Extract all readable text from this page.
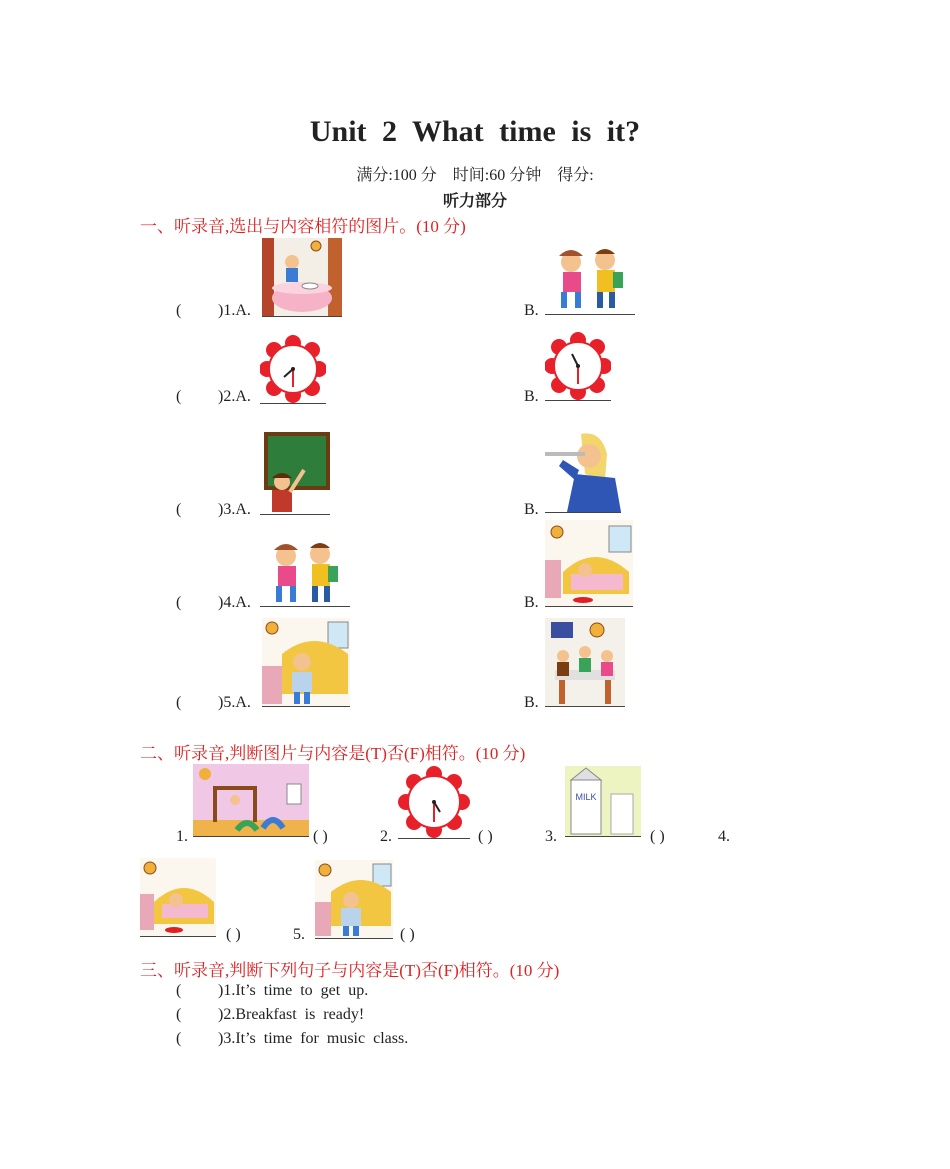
Unit 2 What time is it?
满分:100 分 时间:60 分钟 得分:
听力部分
一、听录音,选出与内容相符的图片。(10 分)
( )1.A.	B.
( )2.A.	B.
( )3.A.	B.
( )4.A.	B.
( )5.A.	B.
二、听录音,判断图片与内容是(T)否(F)相符。(10 分)
1.	( )	2.	( )	3.
MILK
( )	4.
( )	5.	( )
三、听录音,判断下列句子与内容是(T)否(F)相符。(10 分)
( )1.It’s time to get up.
( )2.Breakfast is ready!
( )3.It’s time for music class.
